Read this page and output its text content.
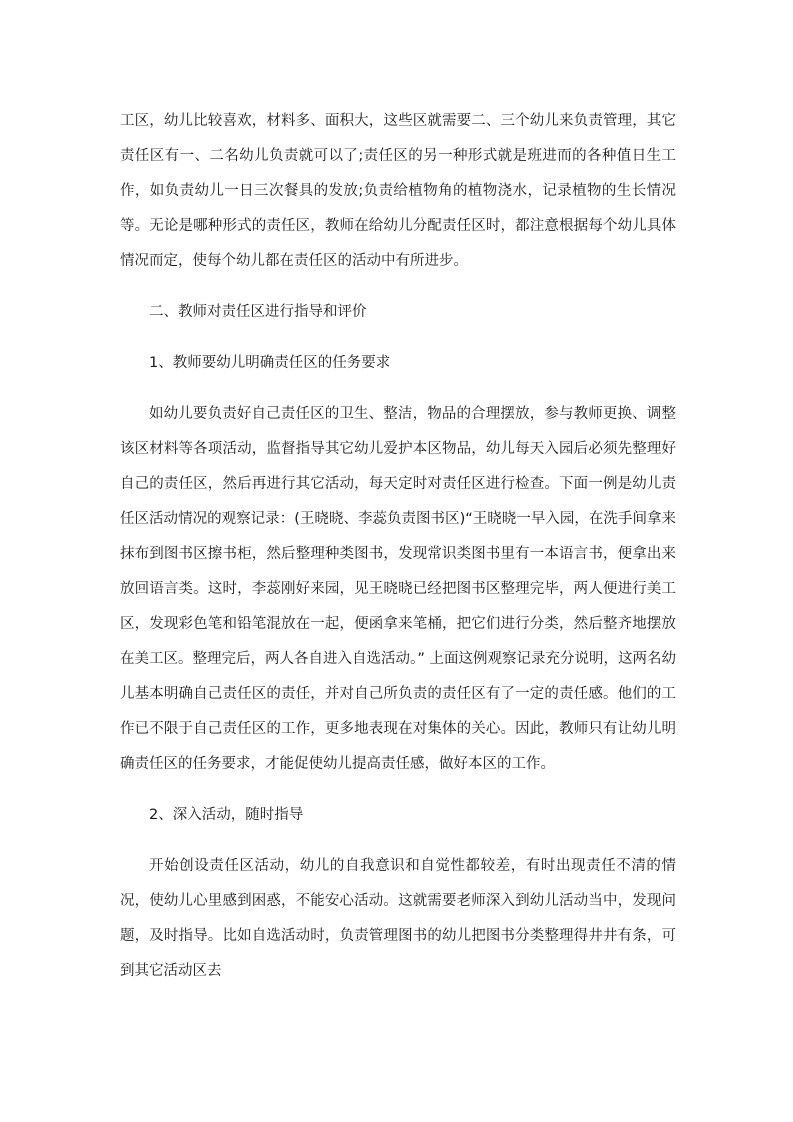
工区，幼儿比较喜欢，材料多、面积大，这些区就需要二、三个幼儿来负责管理，其它责任区有一、二名幼儿负责就可以了;责任区的另一种形式就是班进而的各种值日生工作，如负责幼儿一日三次餐具的发放;负责给植物角的植物浇水，记录植物的生长情况等。无论是哪种形式的责任区，教师在给幼儿分配责任区时，都注意根据每个幼儿具体情况而定，使每个幼儿都在责任区的活动中有所进步。

二、教师对责任区进行指导和评价

1、教师要幼儿明确责任区的任务要求

如幼儿要负责好自己责任区的卫生、整洁，物品的合理摆放，参与教师更换、调整该区材料等各项活动，监督指导其它幼儿爱护本区物品，幼儿每天入园后必须先整理好自己的责任区，然后再进行其它活动，每天定时对责任区进行检查。下面一例是幼儿责任区活动情况的观察记录：(王晓晓、李蕊负责图书区)“王晓晓一早入园，在洗手间拿来抹布到图书区擦书柜，然后整理种类图书，发现常识类图书里有一本语言书，便拿出来放回语言类。这时，李蕊刚好来园，见王晓晓已经把图书区整理完毕，两人便进行美工区，发现彩色笔和铅笔混放在一起，便函拿来笔桶，把它们进行分类，然后整齐地摆放在美工区。整理完后，两人各自进入自选活动。” 上面这例观察记录充分说明，这两名幼儿基本明确自己责任区的责任，并对自己所负责的责任区有了一定的责任感。他们的工作已不限于自己责任区的工作，更多地表现在对集体的关心。因此，教师只有让幼儿明确责任区的任务要求，才能促使幼儿提高责任感，做好本区的工作。

2、深入活动，随时指导

开始创设责任区活动，幼儿的自我意识和自觉性都较差，有时出现责任不清的情况，使幼儿心里感到困惑，不能安心活动。这就需要老师深入到幼儿活动当中，发现问题，及时指导。比如自选活动时，负责管理图书的幼儿把图书分类整理得井井有条，可到其它活动区去
